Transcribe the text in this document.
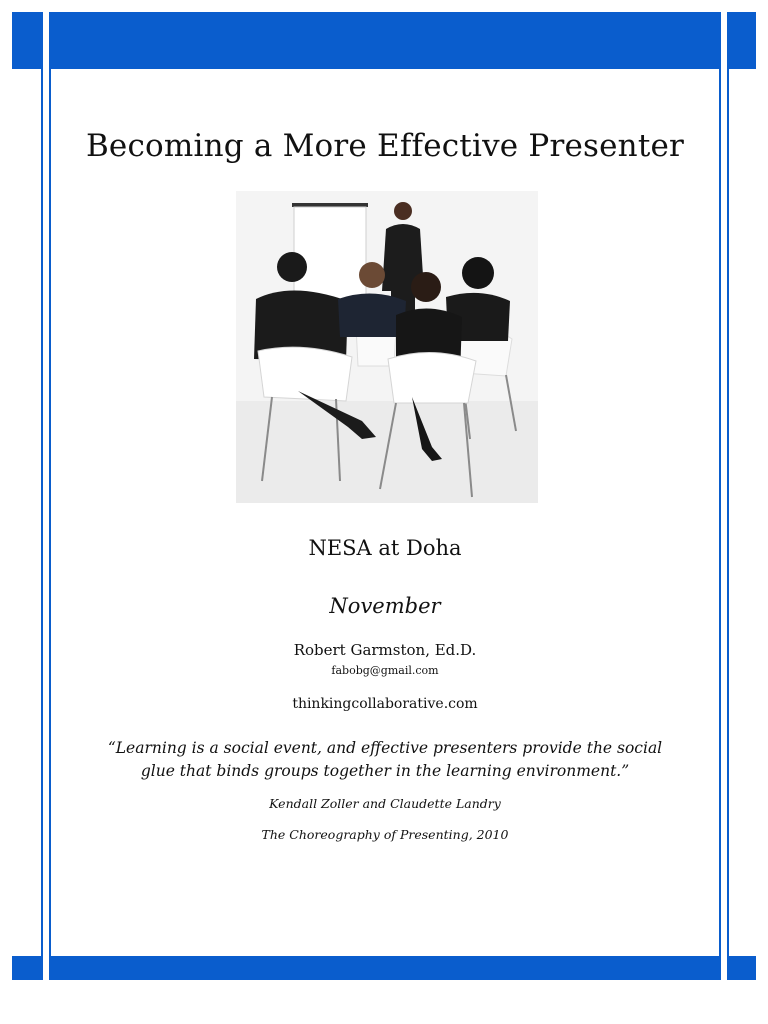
Becoming a More Effective Presenter
NESA at Doha
November
Robert Garmston, Ed.D.
fabobg@gmail.com
thinkingcollaborative.com
“Learning is a social event, and effective presenters provide the social glue that binds groups together in the learning environment.”
Kendall Zoller and Claudette Landry
The Choreography of Presenting, 2010
